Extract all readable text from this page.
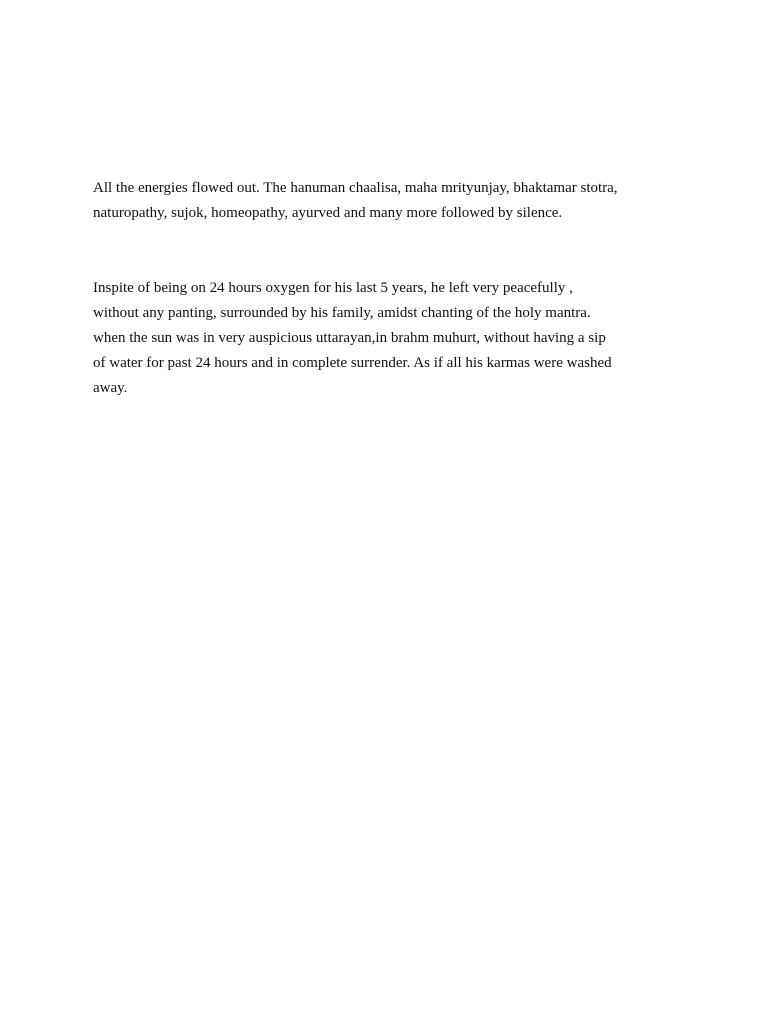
All the energies flowed out. The hanuman chaalisa, maha mrityunjay, bhaktamar stotra,
naturopathy, sujok, homeopathy, ayurved and many more followed by silence.
Inspite of being on 24 hours oxygen for his last 5 years, he left very peacefully ,
without any panting, surrounded by his family, amidst chanting of the holy mantra.
when the sun was in very auspicious uttarayan,in brahm muhurt, without having a sip
of water for past 24 hours and in complete surrender. As if all his karmas were washed
away.
